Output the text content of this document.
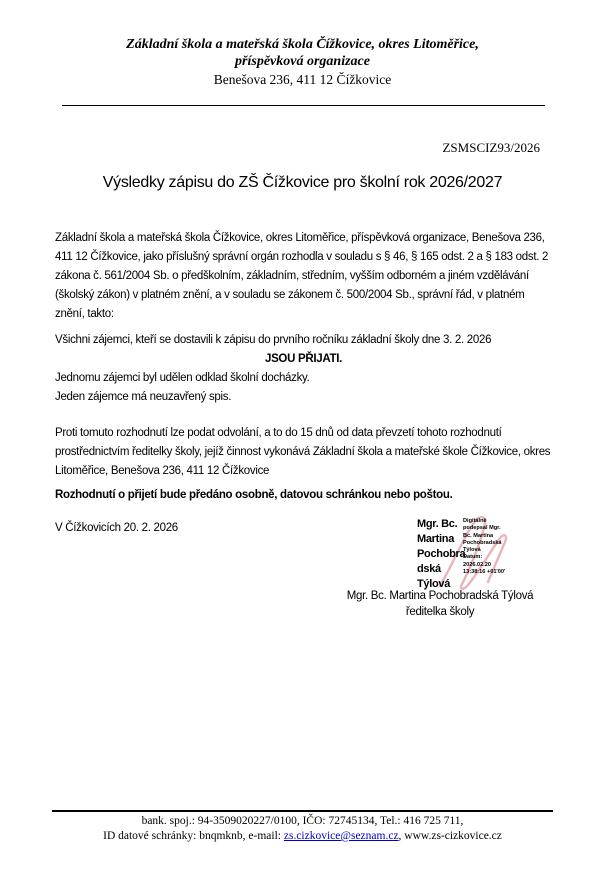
Základní škola a mateřská škola Čížkovice, okres Litoměřice,
příspěvková organizace
Benešova 236, 411 12 Čížkovice
ZSMSCIZ93/2026
Výsledky zápisu do ZŠ Čížkovice pro školní rok 2026/2027
Základní škola a mateřská škola Čížkovice, okres Litoměřice, příspěvková organizace, Benešova 236, 411 12 Čížkovice, jako příslušný správní orgán rozhodla v souladu s § 46, § 165 odst. 2 a § 183 odst. 2 zákona č. 561/2004 Sb. o předškolním, základním, středním, vyšším odborném a jiném vzdělávání (školský zákon) v platném znění, a v souladu se zákonem č. 500/2004 Sb., správní řád, v platném znění, takto:
Všichni zájemci, kteří se dostavili k zápisu do prvního ročníku základní školy dne 3. 2. 2026
JSOU PŘIJATI.
Jednomu zájemci byl udělen odklad školní docházky.
Jeden zájemce má neuzavřený spis.
Proti tomuto rozhodnutí lze podat odvolání, a to do 15 dnů od data převzetí tohoto rozhodnutí prostřednictvím ředitelky školy, jejíž činnost vykonává Základní škola a mateřské škole Čížkovice, okres Litoměřice, Benešova 236, 411 12 Čížkovice
Rozhodnutí o přijetí bude předáno osobně, datovou schránkou nebo poštou.
V Čížkovicích 20. 2. 2026	Mgr. Bc.
Martina
Pochobra
dská
Týlová
Digitálně
podepsal Mgr.
Bc. Martina
Pochobradská
Týlová
Datum:
2026.02.20
13:38:16 +01'00'
Mgr. Bc. Martina Pochobradská Týlová
ředitelka školy
bank. spoj.: 94-3509020227/0100, IČO: 72745134, Tel.: 416 725 711,
ID datové schránky: bnqmknb, e-mail: zs.cizkovice@seznam.cz, www.zs-cizkovice.cz
